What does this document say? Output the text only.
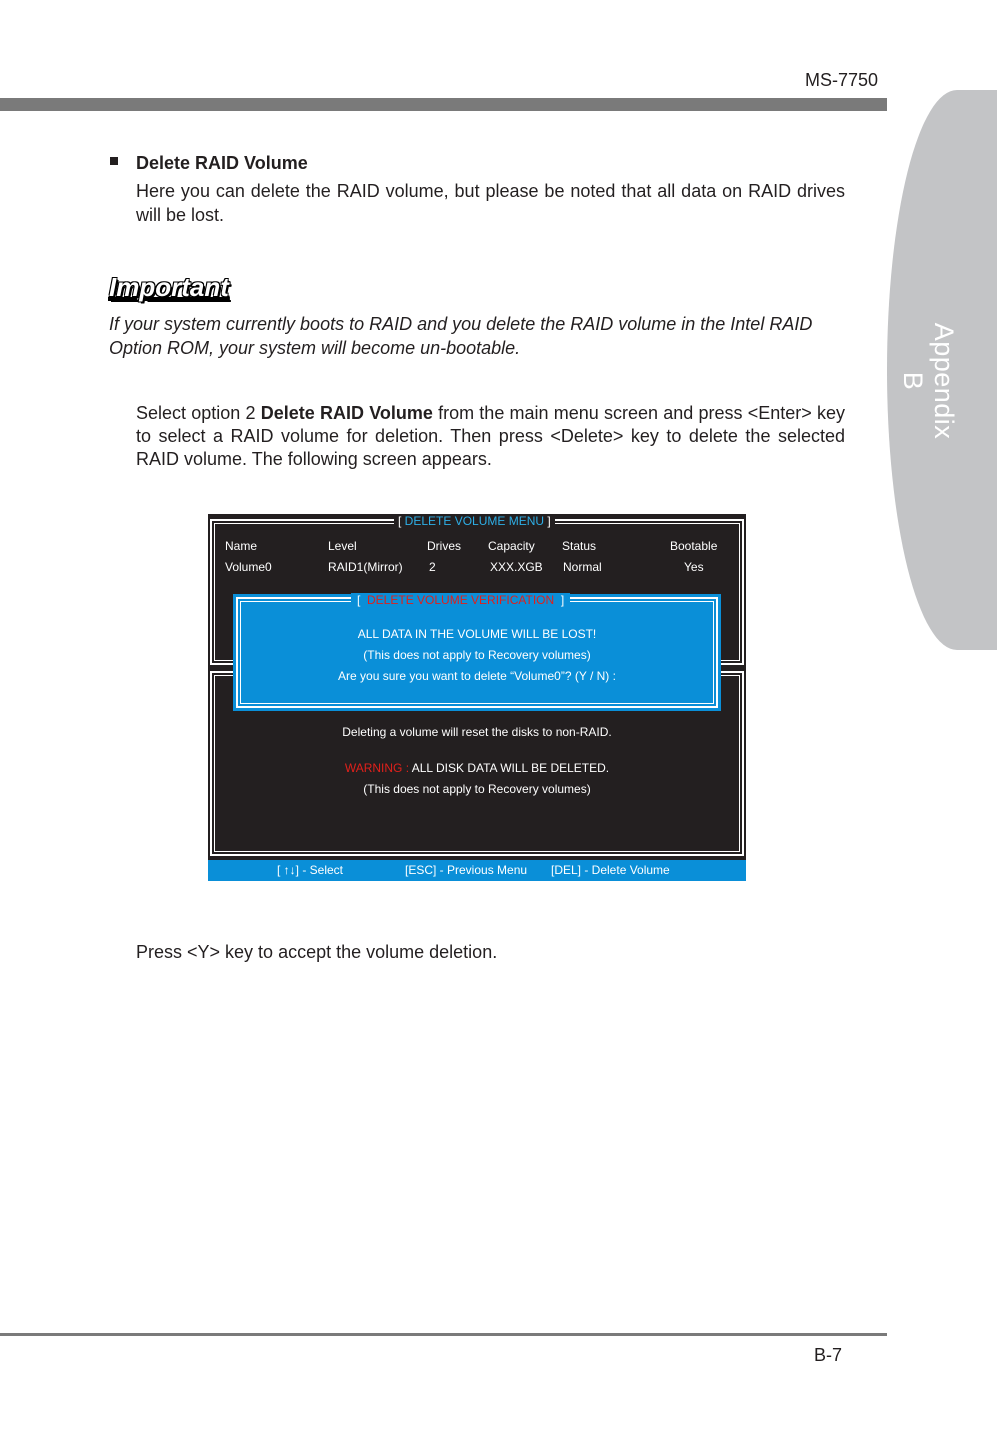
MS-7750
Appendix B
Delete RAID Volume
Here you can delete the RAID volume, but please be noted that all data on RAID drives will be lost.
Important
If your system currently boots to RAID and you delete the RAID volume in the Intel RAID Option ROM, your system will become un-bootable.
Select option 2 Delete RAID Volume from the main menu screen and press <Enter> key to select a RAID volume for deletion. Then press <Delete> key to delete the selected RAID volume. The following screen appears.
[ DELETE VOLUME MENU ]
Name	Level	Drives Capacity Status	Bootable
Volume0	RAID1(Mirror) 2	XXX.XGB Normal	Yes
Deleting a volume will reset the disks to non-RAID.
WARNING : ALL DISK DATA WILL BE DELETED.
(This does not apply to Recovery volumes)
[  DELETE VOLUME VERIFICATION  ]
ALL DATA IN THE VOLUME WILL BE LOST!
(This does not apply to Recovery volumes)
Are you sure you want to delete “Volume0”? (Y / N) :
[ ↑↓] - Select	[ESC] - Previous Menu [DEL] - Delete Volume
Press <Y> key to accept the volume deletion.
B-7
